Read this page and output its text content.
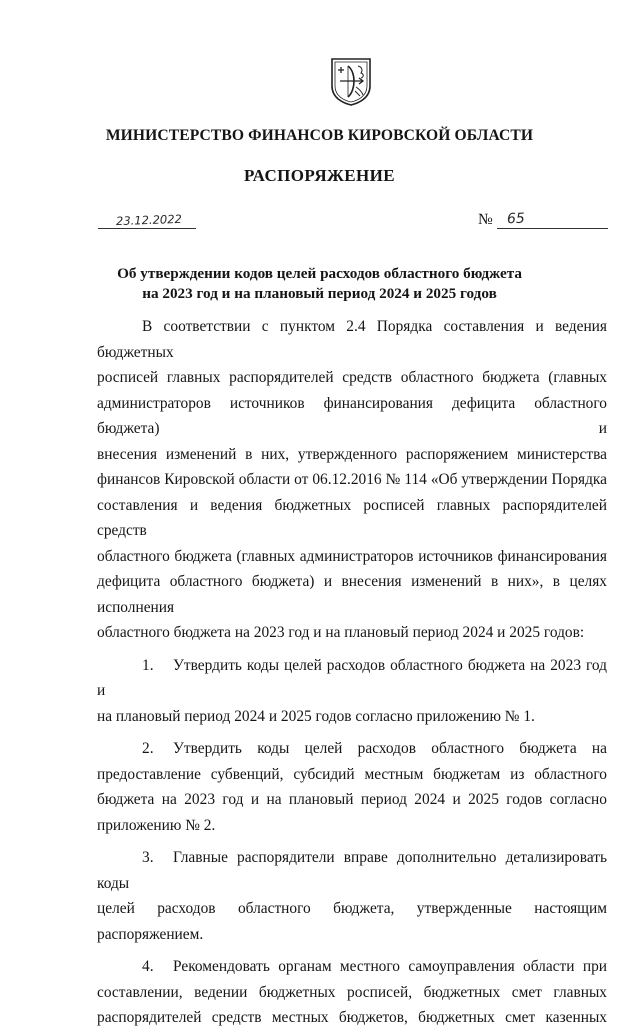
МИНИСТЕРСТВО ФИНАНСОВ КИРОВСКОЙ ОБЛАСТИ
РАСПОРЯЖЕНИЕ
23.12.2022	№ 65
Об утверждении кодов целей расходов областного бюджета
на 2023 год и на плановый период 2024 и 2025 годов

В соответствии с пунктом 2.4 Порядка составления и ведения бюджетных

росписей главных распорядителей средств областного бюджета (главных

администраторов источников финансирования дефицита областного бюджета) и

внесения изменений в них, утвержденного распоряжением министерства

финансов Кировской области от 06.12.2016 № 114 «Об утверждении Порядка

составления и ведения бюджетных росписей главных распорядителей средств

областного бюджета (главных администраторов источников финансирования

дефицита областного бюджета) и внесения изменений в них», в целях исполнения

областного бюджета на 2023 год и на плановый период 2024 и 2025 годов:

1. Утвердить коды целей расходов областного бюджета на 2023 год и

на плановый период 2024 и 2025 годов согласно приложению № 1.

2. Утвердить коды целей расходов областного бюджета на

предоставление субвенций, субсидий местным бюджетам из областного

бюджета на 2023 год и на плановый период 2024 и 2025 годов согласно

приложению № 2.

3. Главные распорядители вправе дополнительно детализировать коды

целей расходов областного бюджета, утвержденные настоящим распоряжением.

4. Рекомендовать органам местного самоуправления области при

составлении, ведении бюджетных росписей, бюджетных смет главных

распорядителей средств местных бюджетов, бюджетных смет казенных
